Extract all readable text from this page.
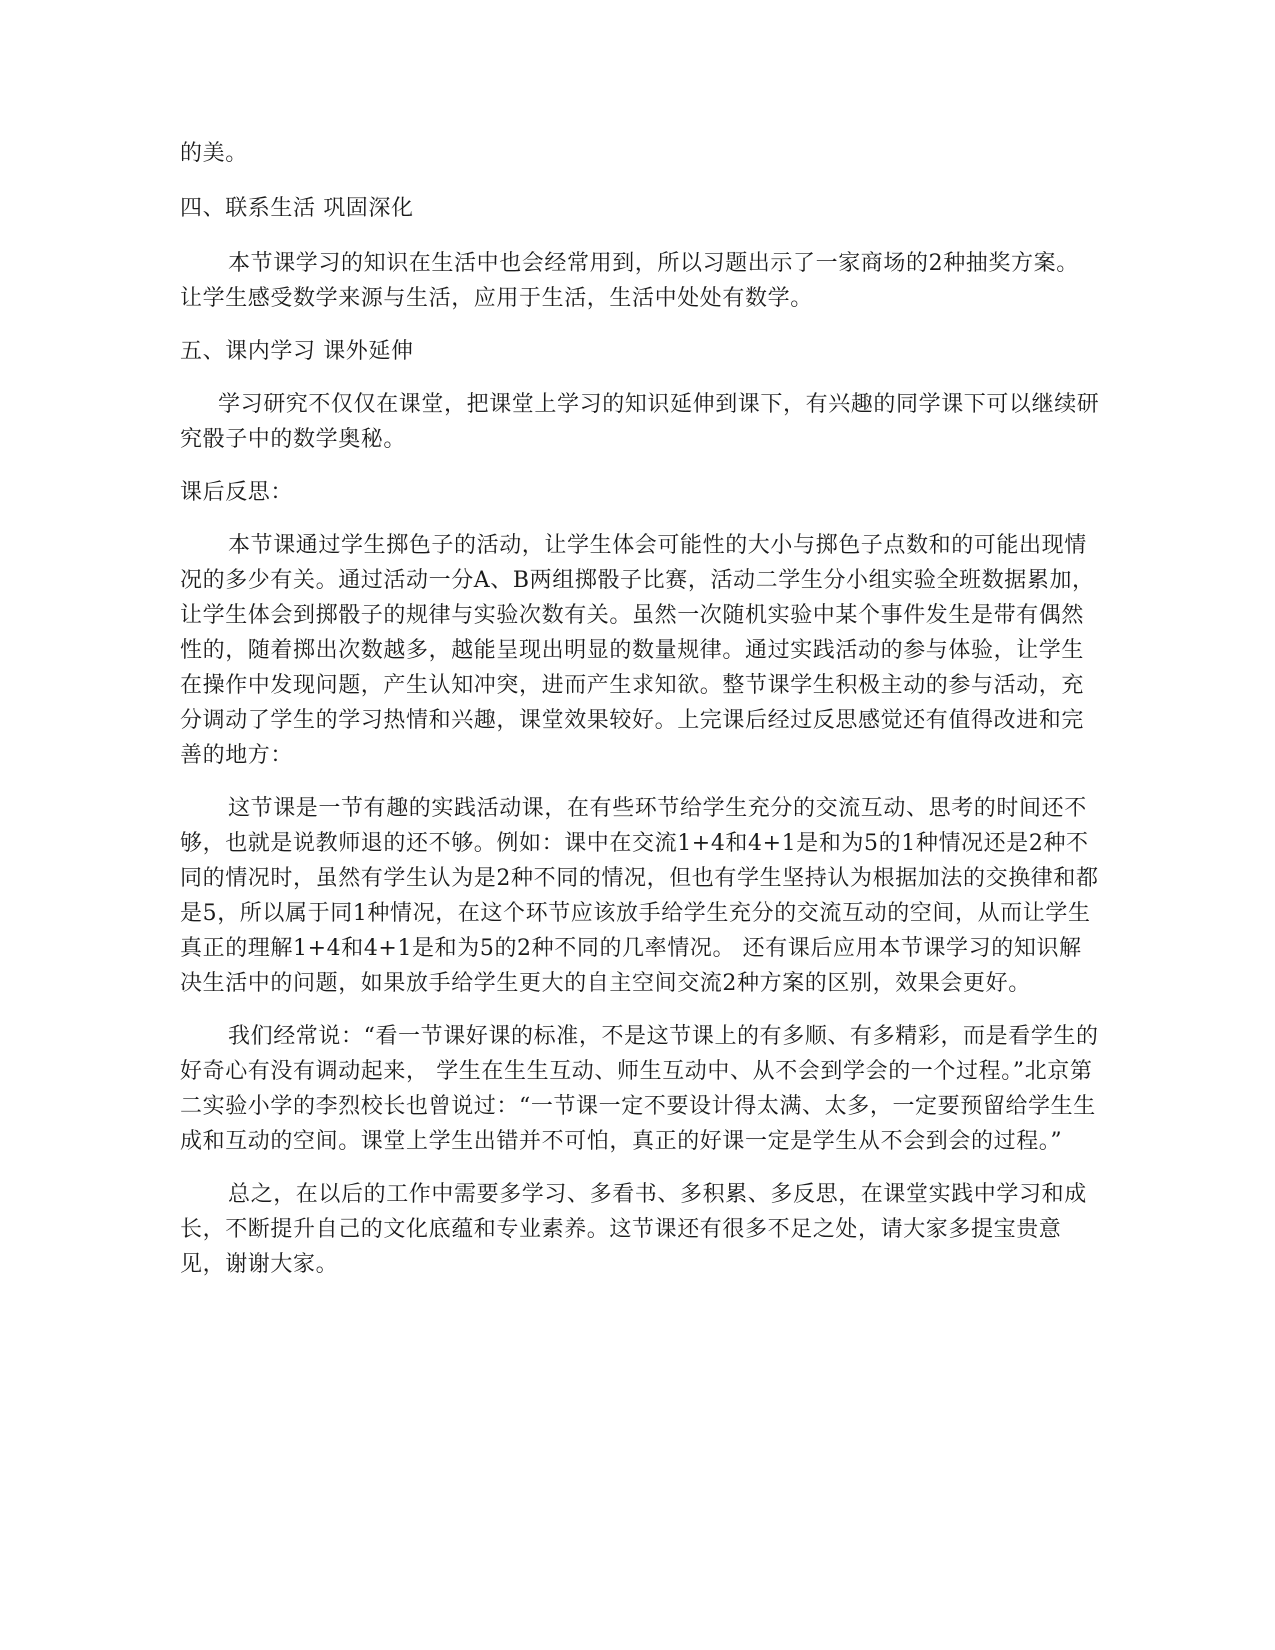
的美。

四、联系生活 巩固深化

本节课学习的知识在生活中也会经常用到，所以习题出示了一家商场的2种抽奖方案。让学生感受数学来源与生活，应用于生活，生活中处处有数学。

五、课内学习 课外延伸

学习研究不仅仅在课堂，把课堂上学习的知识延伸到课下，有兴趣的同学课下可以继续研究骰子中的数学奥秘。

课后反思：

本节课通过学生掷色子的活动，让学生体会可能性的大小与掷色子点数和的可能出现情况的多少有关。通过活动一分A、B两组掷骰子比赛，活动二学生分小组实验全班数据累加，让学生体会到掷骰子的规律与实验次数有关。虽然一次随机实验中某个事件发生是带有偶然性的，随着掷出次数越多，越能呈现出明显的数量规律。通过实践活动的参与体验，让学生在操作中发现问题，产生认知冲突，进而产生求知欲。整节课学生积极主动的参与活动，充分调动了学生的学习热情和兴趣，课堂效果较好。上完课后经过反思感觉还有值得改进和完善的地方：

这节课是一节有趣的实践活动课，在有些环节给学生充分的交流互动、思考的时间还不够，也就是说教师退的还不够。例如：课中在交流1+4和4+1是和为5的1种情况还是2种不同的情况时，虽然有学生认为是2种不同的情况，但也有学生坚持认为根据加法的交换律和都是5，所以属于同1种情况，在这个环节应该放手给学生充分的交流互动的空间，从而让学生真正的理解1+4和4+1是和为5的2种不同的几率情况。 还有课后应用本节课学习的知识解决生活中的问题，如果放手给学生更大的自主空间交流2种方案的区别，效果会更好。

我们经常说：“看一节课好课的标准，不是这节课上的有多顺、有多精彩，而是看学生的好奇心有没有调动起来， 学生在生生互动、师生互动中、从不会到学会的一个过程。”北京第二实验小学的李烈校长也曾说过：“一节课一定不要设计得太满、太多，一定要预留给学生生成和互动的空间。课堂上学生出错并不可怕，真正的好课一定是学生从不会到会的过程。”

总之，在以后的工作中需要多学习、多看书、多积累、多反思，在课堂实践中学习和成长，不断提升自己的文化底蕴和专业素养。这节课还有很多不足之处，请大家多提宝贵意见，谢谢大家。
